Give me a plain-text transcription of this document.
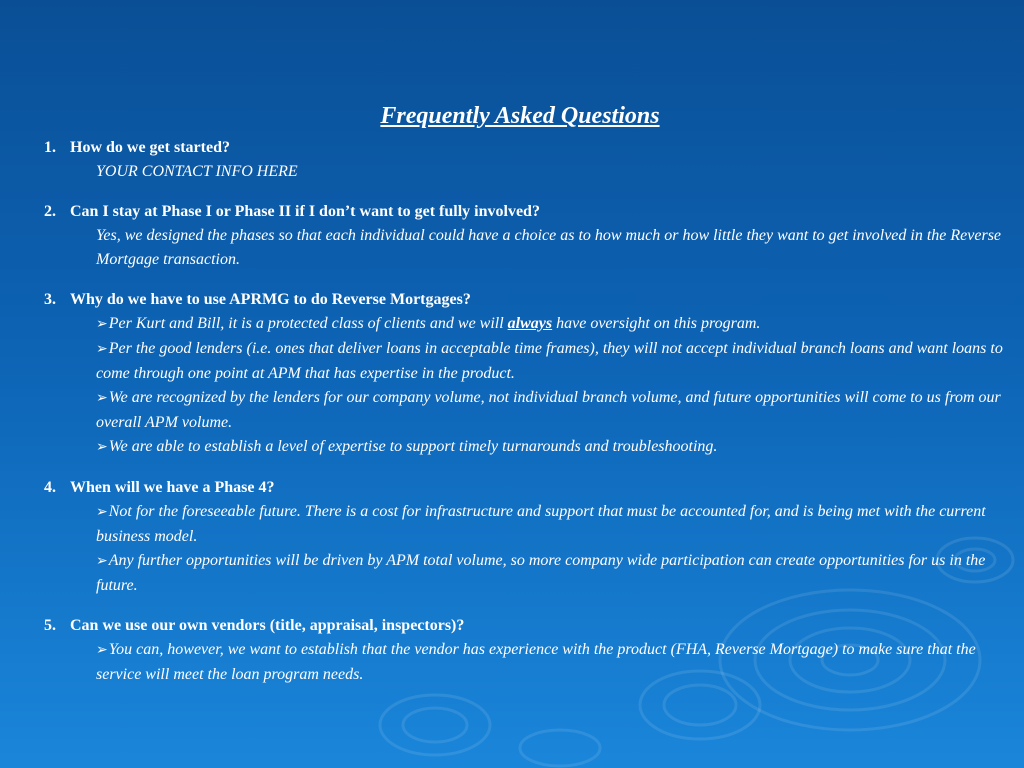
Frequently Asked Questions
1. How do we get started?

YOUR CONTACT INFO HERE

2. Can I stay at Phase I or Phase II if I don’t want to get fully involved?

Yes, we designed the phases so that each individual could have a choice as to how much or how little they want to get involved in the Reverse Mortgage transaction.

3. Why do we have to use APRMG to do Reverse Mortgages?

➢Per Kurt and Bill, it is a protected class of clients and we will always have oversight on this program.

➢Per the good lenders (i.e. ones that deliver loans in acceptable time frames), they will not accept individual branch loans and want loans to come through one point at APM that has expertise in the product.

➢We are recognized by the lenders for our company volume, not individual branch volume, and future opportunities will come to us from our overall APM volume.

➢We are able to establish a level of expertise to support timely turnarounds and troubleshooting.

4. When will we have a Phase 4?

➢Not for the foreseeable future. There is a cost for infrastructure and support that must be accounted for, and is being met with the current business model.

➢Any further opportunities will be driven by APM total volume, so more company wide participation can create opportunities for us in the future.

5. Can we use our own vendors (title, appraisal, inspectors)?

➢You can, however, we want to establish that the vendor has experience with the product (FHA, Reverse Mortgage) to make sure that the service will meet the loan program needs.
